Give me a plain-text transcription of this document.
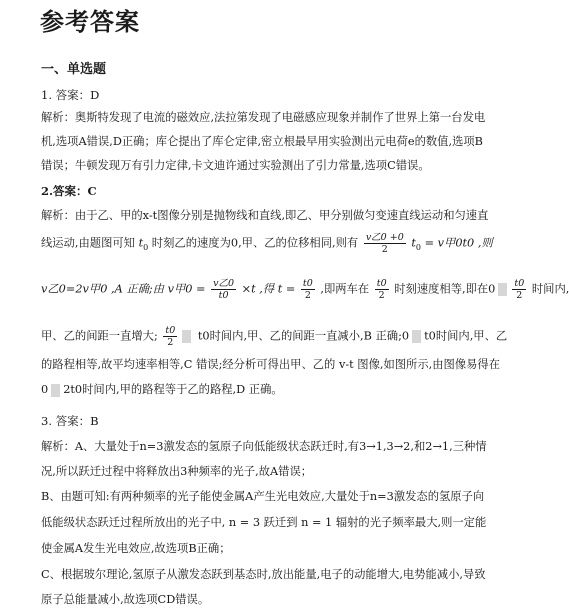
参考答案
一、单选题
1. 答案：D
解析：奥斯特发现了电流的磁效应,法拉第发现了电磁感应现象并制作了世界上第一台发电
机,选项A错误,D正确；库仑提出了库仑定律,密立根最早用实验测出元电荷e的数值,选项B
错误；牛顿发现万有引力定律,卡文迪许通过实验测出了引力常量,选项C错误。
2.答案：C
解析：由于乙、甲的x-t图像分别是抛物线和直线,即乙、甲分别做匀变速直线运动和匀速直
线运动,由题图可知 $t_0$ 时刻乙的速度为0,甲、乙的位移相同,则有 $\frac{\text{v乙0 +0}}{2} t_0 = v$甲0t0 ,则
v乙0=2v甲0 ,A 正确;由 v甲$0 = \frac{\text{v乙0}}{t0} \times t$ ,得 $t = \frac{t0}{2}$ ,即两车在 $\frac{t0}{2}$ 时刻速度相等,即在$0 \frac{t0}{2}$ 时间内,
甲、乙的间距一直增大; $\frac{t0}{2} t0$时间内,甲、乙的间距一直减小,B 正确;0 t0时间内,甲、乙
的路程相等,故平均速率相等,C 错误;经分析可得出甲、乙的 v-t 图像,如图所示,由图像易得在
0 2t0时间内,甲的路程等于乙的路程,D 正确。
3. 答案：B
解析：A、大量处于n=3激发态的氢原子向低能级状态跃迁时,有3→1,3→2,和2→1,三种情
况,所以跃迁过程中将释放出3种频率的光子,故A错误；
B、由题可知:有两种频率的光子能使金属A产生光电效应,大量处于n=3激发态的氢原子向
低能级状态跃迁过程所放出的光子中, n = 3 跃迁到 n = 1 辐射的光子频率最大,则一定能
使金属A发生光电效应,故选项B正确；
C、根据玻尔理论,氢原子从激发态跃到基态时,放出能量,电子的动能增大,电势能减小,导致
原子总能量减小,故选项CD错误。
